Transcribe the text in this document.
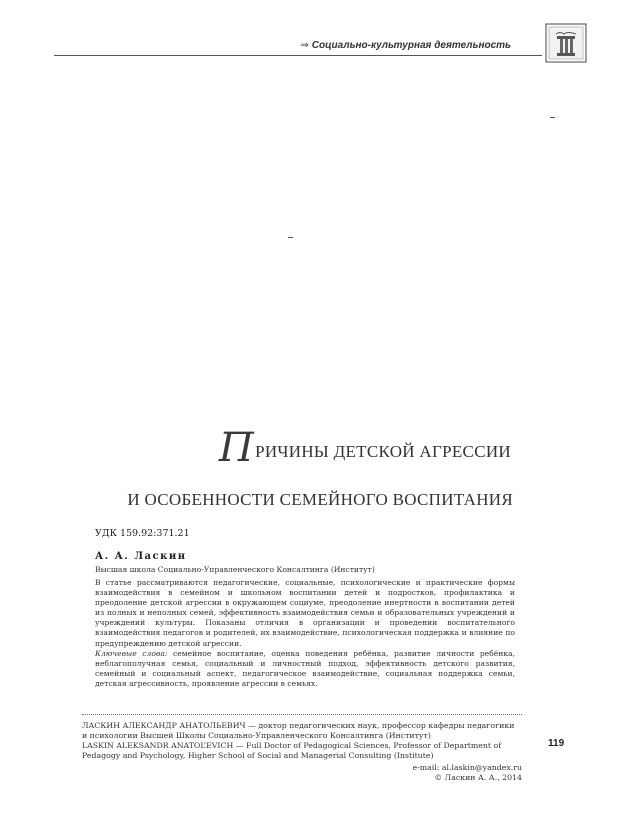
⇒ Социально-культурная деятельность
ПРИЧИНЫ ДЕТСКОЙ АГРЕССИИ
И ОСОБЕННОСТИ СЕМЕЙНОГО ВОСПИТАНИЯ
УДК 159.92:371.21
А. А. Ласкин
Высшая школа Социально-Управленческого Консалтинга (Институт)
В статье рассматриваются педагогические, социальные, психологические и практические формы взаимодействия в семейном и школьном воспитании детей и подростков, профилактика и преодоление детской агрессии в окружающем социуме, преодоление инертности в воспитании детей из полных и неполных семей, эффективность взаимодействия семьи и образовательных учреждений и учреждений культуры. Показаны отличия в организации и проведении воспитательного взаимодействия педагогов и родителей, их взаимодействие, психологическая поддержка и влияние по предупреждению детской агрессии.
Ключевые слова: семейное воспитание, оценка поведения ребёнка, развитие личности ребёнка, неблагополучная семья, социальный и личностный подход, эффективность детского развития, семейный и социальный аспект, педагогическое взаимодействие, социальная поддержка семьи, детская агрессивность, проявление агрессии в семьях.
ЛАСКИН АЛЕКСАНДР АНАТОЛЬЕВИЧ — доктор педагогических наук, профессор кафедры педагогики и психологии Высшей Школы Социально-Управленческого Консалтинга (Институт)
LASKIN ALEKSANDR ANATOL’EVICH — Full Doctor of Pedagogical Sciences, Professor of Department of Pedagogy and Psychology, Higher School of Social and Managerial Consulting (Institute)
e-mail: al.laskin@yandex.ru
© Ласкин А. А., 2014
119
